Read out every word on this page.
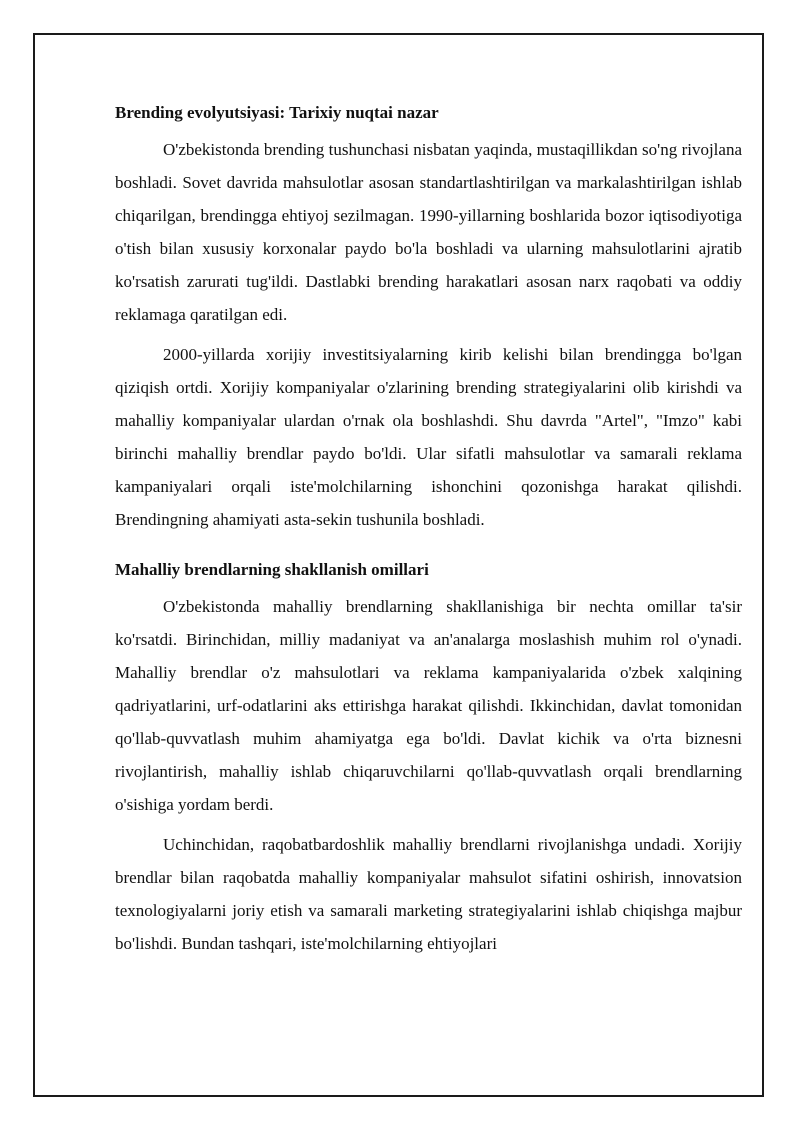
Brending evolyutsiyasi: Tarixiy nuqtai nazar

O'zbekistonda brending tushunchasi nisbatan yaqinda, mustaqillikdan so'ng rivojlana boshladi. Sovet davrida mahsulotlar asosan standartlashtirilgan va markalashtirilgan ishlab chiqarilgan, brendingga ehtiyoj sezilmagan. 1990-yillarning boshlarida bozor iqtisodiyotiga o'tish bilan xususiy korxonalar paydo bo'la boshladi va ularning mahsulotlarini ajratib ko'rsatish zarurati tug'ildi. Dastlabki brending harakatlari asosan narx raqobati va oddiy reklamaga qaratilgan edi.

2000-yillarda xorijiy investitsiyalarning kirib kelishi bilan brendingga bo'lgan qiziqish ortdi. Xorijiy kompaniyalar o'zlarining brending strategiyalarini olib kirishdi va mahalliy kompaniyalar ulardan o'rnak ola boshlashdi. Shu davrda "Artel", "Imzo" kabi birinchi mahalliy brendlar paydo bo'ldi. Ular sifatli mahsulotlar va samarali reklama kampaniyalari orqali iste'molchilarning ishonchini qozonishga harakat qilishdi. Brendingning ahamiyati asta-sekin tushunila boshladi.

Mahalliy brendlarning shakllanish omillari

O'zbekistonda mahalliy brendlarning shakllanishiga bir nechta omillar ta'sir ko'rsatdi. Birinchidan, milliy madaniyat va an'analarga moslashish muhim rol o'ynadi. Mahalliy brendlar o'z mahsulotlari va reklama kampaniyalarida o'zbek xalqining qadriyatlarini, urf-odatlarini aks ettirishga harakat qilishdi. Ikkinchidan, davlat tomonidan qo'llab-quvvatlash muhim ahamiyatga ega bo'ldi. Davlat kichik va o'rta biznesni rivojlantirish, mahalliy ishlab chiqaruvchilarni qo'llab-quvvatlash orqali brendlarning o'sishiga yordam berdi.

Uchinchidan, raqobatbardoshlik mahalliy brendlarni rivojlanishga undadi. Xorijiy brendlar bilan raqobatda mahalliy kompaniyalar mahsulot sifatini oshirish, innovatsion texnologiyalarni joriy etish va samarali marketing strategiyalarini ishlab chiqishga majbur bo'lishdi. Bundan tashqari, iste'molchilarning ehtiyojlari
